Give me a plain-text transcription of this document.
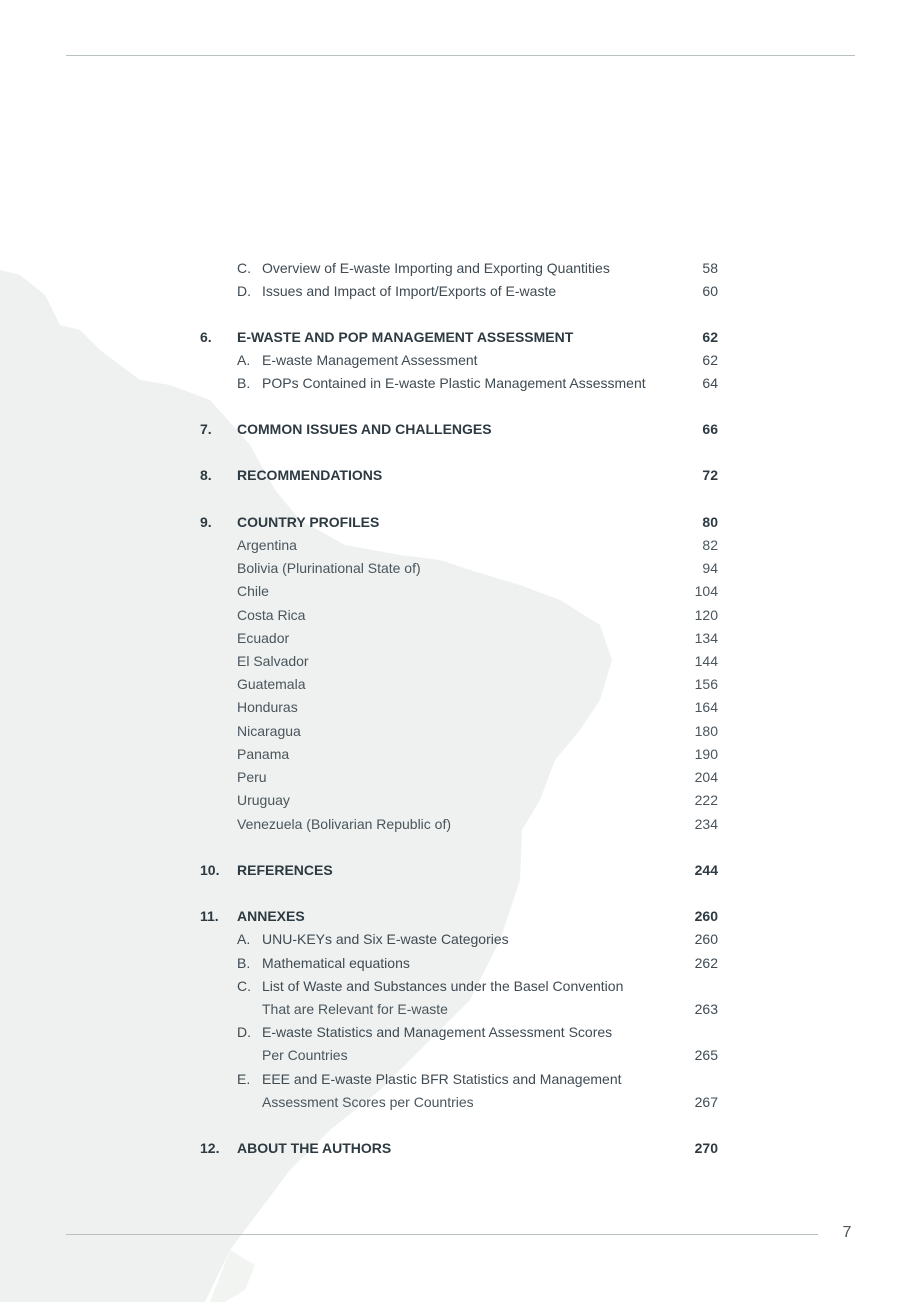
C. Overview of E-waste Importing and Exporting Quantities	58
D. Issues and Impact of Import/Exports of E-waste	60
6.	E-WASTE AND POP MANAGEMENT ASSESSMENT	62
A. E-waste Management Assessment	62
B. POPs Contained in E-waste Plastic Management Assessment	64
7.	COMMON ISSUES AND CHALLENGES	66
8.	RECOMMENDATIONS	72
9.	COUNTRY PROFILES	80
Argentina	82
Bolivia (Plurinational State of)	94
Chile	104
Costa Rica	120
Ecuador	134
El Salvador	144
Guatemala	156
Honduras	164
Nicaragua	180
Panama	190
Peru	204
Uruguay	222
Venezuela (Bolivarian Republic of)	234
10.	REFERENCES	244
11.	ANNEXES	260
A. UNU-KEYs and Six E-waste Categories	260
B. Mathematical equations	262
C. List of Waste and Substances under the Basel Convention
That are Relevant for E-waste	263
D. E-waste Statistics and Management Assessment Scores
Per Countries	265
E. EEE and E-waste Plastic BFR Statistics and Management
Assessment Scores per Countries	267
12.	ABOUT THE AUTHORS	270
7
